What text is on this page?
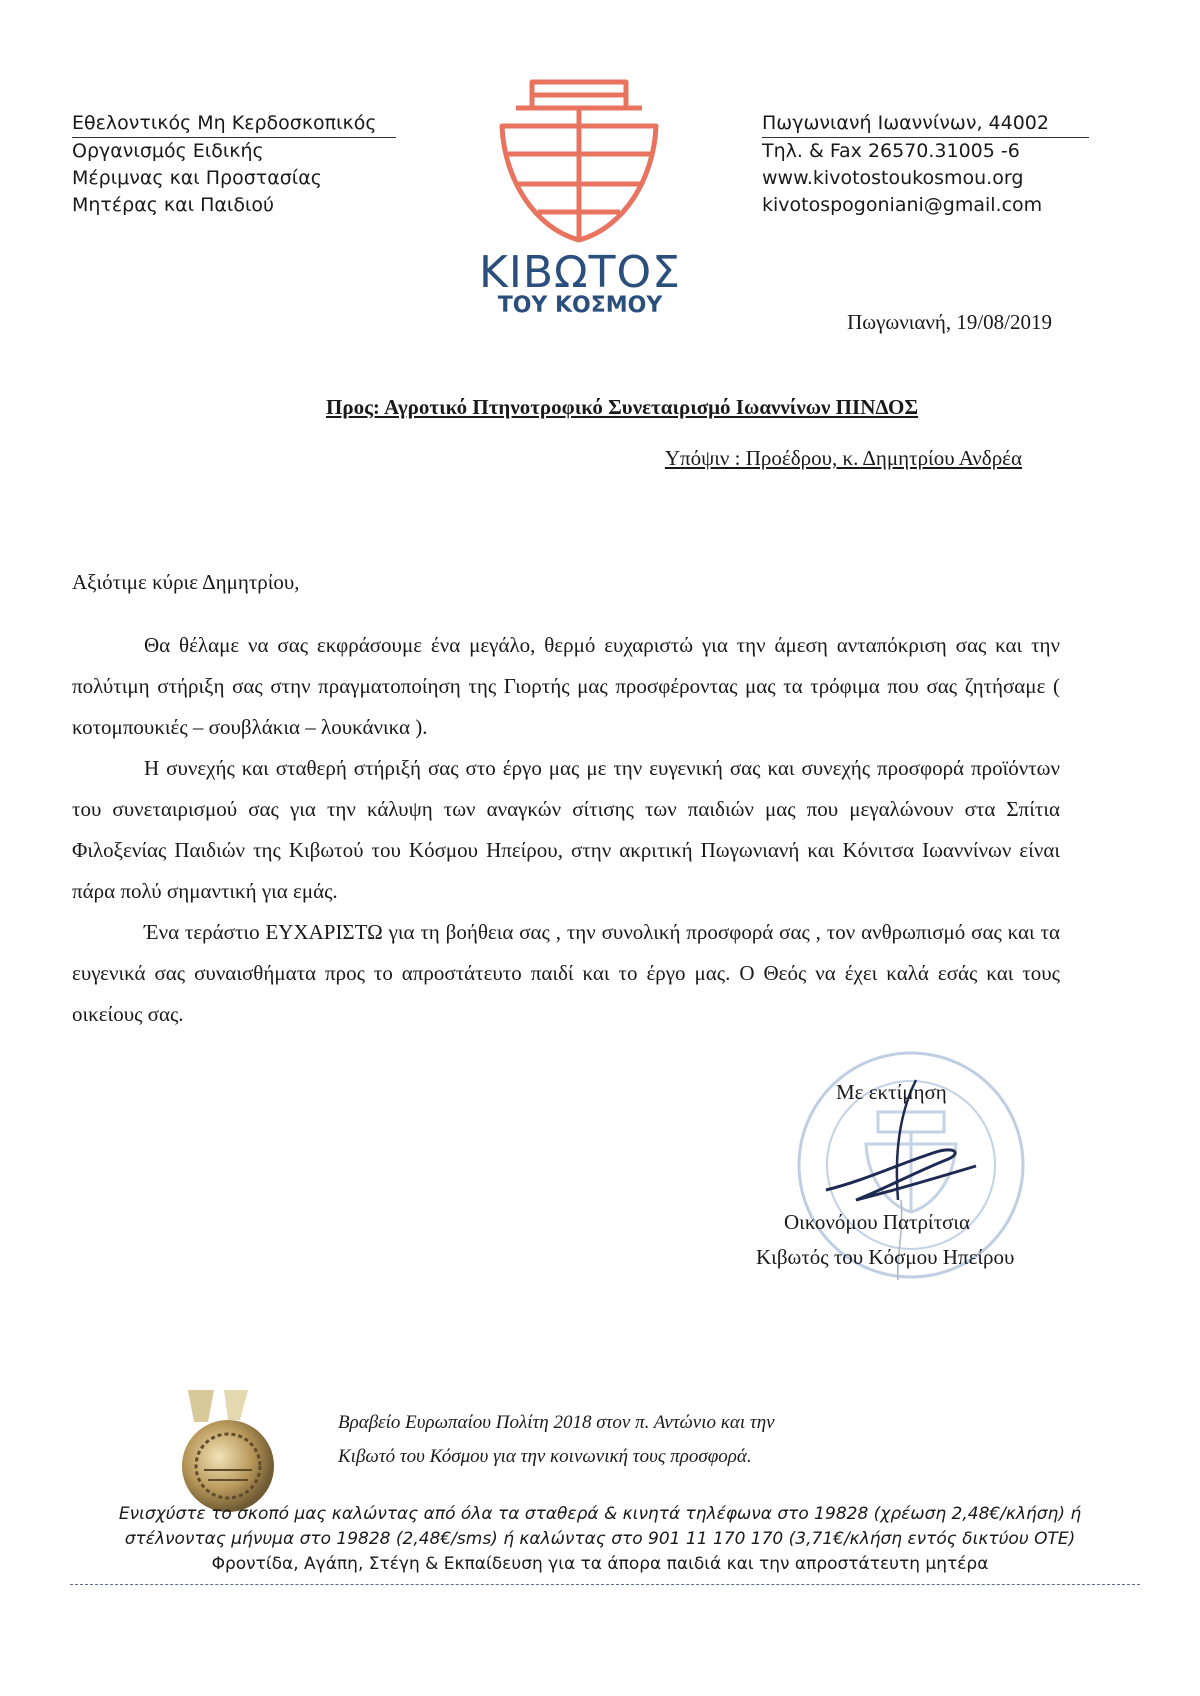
Εθελοντικός Μη Κερδοσκοπικός
Οργανισμός Ειδικής
Μέριμνας και Προστασίας
Μητέρας και Παιδιού
ΚΙΒΩΤΟΣ
ΤΟΥ ΚΟΣΜΟΥ
Πωγωνιανή Ιωαννίνων, 44002
Τηλ. & Fax 26570.31005 -6
www.kivotostoukosmou.org
kivotospogoniani@gmail.com
Πωγωνιανή, 19/08/2019
Προς: Αγροτικό Πτηνοτροφικό Συνεταιρισμό Ιωαννίνων ΠΙΝΔΟΣ
Υπόψιν : Προέδρου, κ. Δημητρίου Ανδρέα

Αξιότιμε κύριε Δημητρίου,

Θα θέλαμε να σας εκφράσουμε ένα μεγάλο, θερμό ευχαριστώ για την άμεση ανταπόκριση σας και την πολύτιμη στήριξη σας στην πραγματοποίηση της Γιορτής μας προσφέροντας μας τα τρόφιμα που σας ζητήσαμε ( κοτομπουκιές – σουβλάκια – λουκάνικα ).

Η συνεχής και σταθερή στήριξή σας στο έργο μας με την ευγενική σας και συνεχής προσφορά προϊόντων του συνεταιρισμού σας για την κάλυψη των αναγκών σίτισης των παιδιών μας που μεγαλώνουν στα Σπίτια Φιλοξενίας Παιδιών της Κιβωτού του Κόσμου Ηπείρου, στην ακριτική Πωγωνιανή και Κόνιτσα Ιωαννίνων είναι πάρα πολύ σημαντική για εμάς.

Ένα τεράστιο ΕΥΧΑΡΙΣΤΩ για τη βοήθεια σας , την συνολική προσφορά σας , τον ανθρωπισμό σας και τα ευγενικά σας συναισθήματα προς το απροστάτευτο παιδί και το έργο μας. Ο Θεός να έχει καλά εσάς και τους οικείους σας.

Με εκτίμηση
Οικονόμου Πατρίτσια
Κιβωτός του Κόσμου Ηπείρου
Βραβείο Ευρωπαίου Πολίτη 2018 στον π. Αντώνιο και την
Κιβωτό του Κόσμου για την κοινωνική τους προσφορά.
Ενισχύστε το σκοπό μας καλώντας από όλα τα σταθερά & κινητά τηλέφωνα στο 19828 (χρέωση 2,48€/κλήση) ή
στέλνοντας μήνυμα στο 19828 (2,48€/sms) ή καλώντας στο 901 11 170 170 (3,71€/κλήση εντός δικτύου ΟΤΕ)
Φροντίδα, Αγάπη, Στέγη & Εκπαίδευση για τα άπορα παιδιά και την απροστάτευτη μητέρα
